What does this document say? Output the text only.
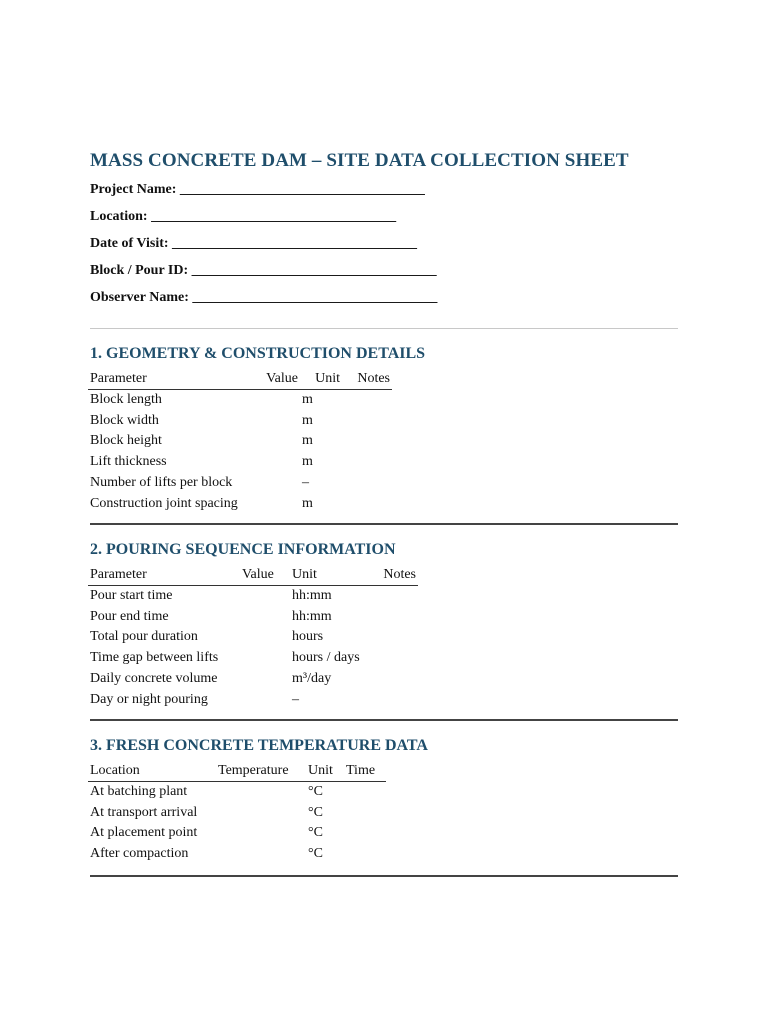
MASS CONCRETE DAM – SITE DATA COLLECTION SHEET
Project Name: ___________________________________
Location: ___________________________________
Date of Visit: ___________________________________
Block / Pour ID: ___________________________________
Observer Name: ___________________________________
1. GEOMETRY & CONSTRUCTION DETAILS
Parameter	Value	Unit	Notes
Block length		m	
Block width		m	
Block height		m	
Lift thickness		m	
Number of lifts per block		–	
Construction joint spacing		m	
2. POURING SEQUENCE INFORMATION
Parameter	Value	Unit	Notes
Pour start time		hh:mm	
Pour end time		hh:mm	
Total pour duration		hours	
Time gap between lifts		hours / days	
Daily concrete volume		m³/day	
Day or night pouring		–	
3. FRESH CONCRETE TEMPERATURE DATA
Location	Temperature	Unit	Time
At batching plant		°C	
At transport arrival		°C	
At placement point		°C	
After compaction		°C	
